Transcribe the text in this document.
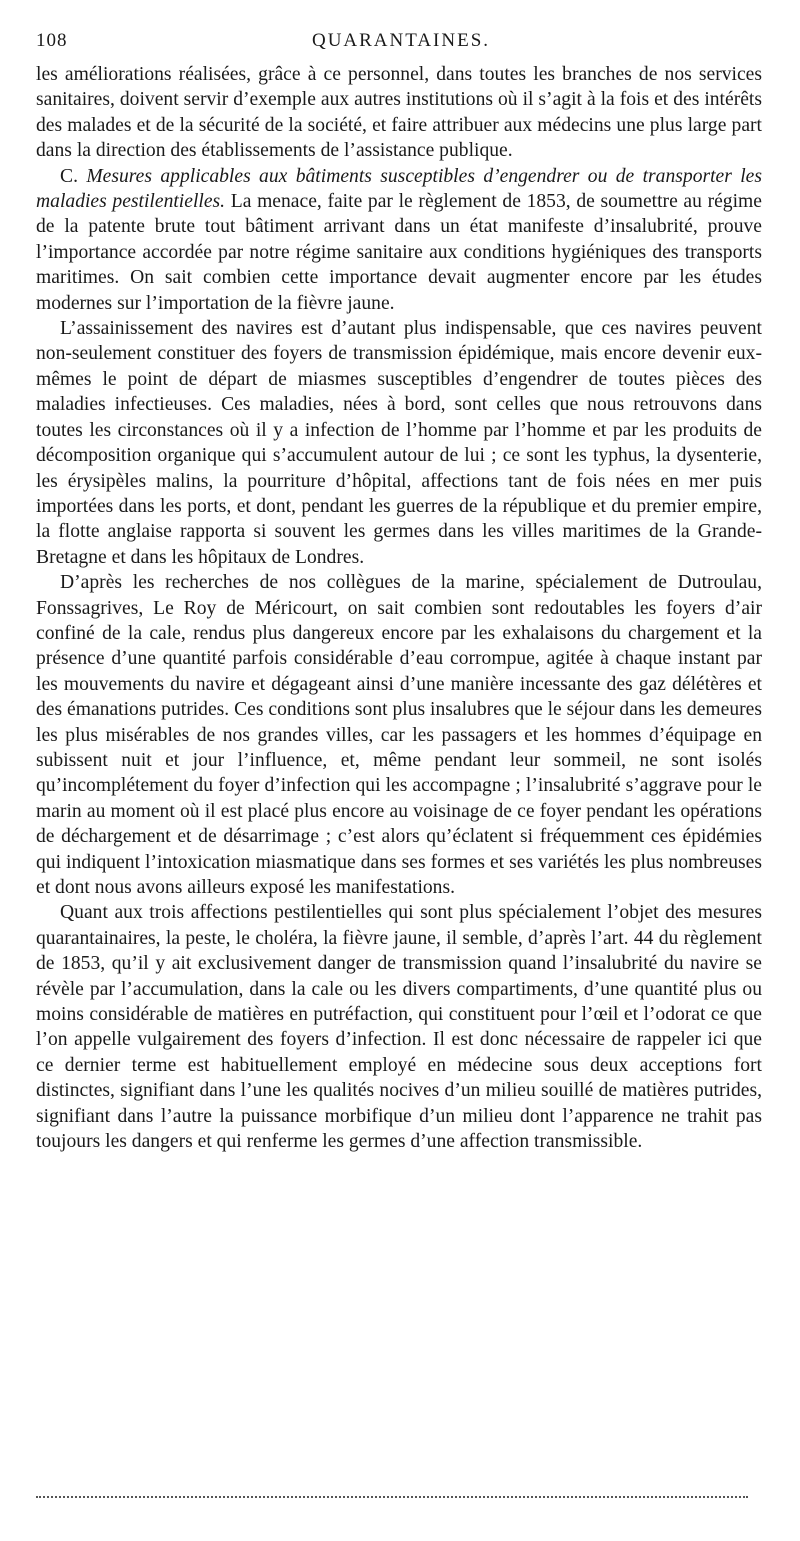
108	QUARANTAINES.

les améliorations réalisées, grâce à ce personnel, dans toutes les branches de nos services sanitaires, doivent servir d’exemple aux autres institutions où il s’agit à la fois et des intérêts des malades et de la sécurité de la société, et faire attribuer aux médecins une plus large part dans la direction des établissements de l’assistance publique.

C. Mesures applicables aux bâtiments susceptibles d’engendrer ou de transporter les maladies pestilentielles. La menace, faite par le règlement de 1853, de soumettre au régime de la patente brute tout bâtiment arrivant dans un état manifeste d’insalubrité, prouve l’importance accordée par notre régime sanitaire aux conditions hygiéniques des transports maritimes. On sait combien cette importance devait augmenter encore par les études modernes sur l’importation de la fièvre jaune.

L’assainissement des navires est d’autant plus indispensable, que ces navires peuvent non-seulement constituer des foyers de transmission épidémique, mais encore devenir eux-mêmes le point de départ de miasmes susceptibles d’engendrer de toutes pièces des maladies infectieuses. Ces maladies, nées à bord, sont celles que nous retrouvons dans toutes les circonstances où il y a infection de l’homme par l’homme et par les produits de décomposition organique qui s’accumulent autour de lui ; ce sont les typhus, la dysenterie, les érysipèles malins, la pourriture d’hôpital, affections tant de fois nées en mer puis importées dans les ports, et dont, pendant les guerres de la république et du premier empire, la flotte anglaise rapporta si souvent les germes dans les villes maritimes de la Grande-Bretagne et dans les hôpitaux de Londres.

D’après les recherches de nos collègues de la marine, spécialement de Dutroulau, Fonssagrives, Le Roy de Méricourt, on sait combien sont redoutables les foyers d’air confiné de la cale, rendus plus dangereux encore par les exhalaisons du chargement et la présence d’une quantité parfois considérable d’eau corrompue, agitée à chaque instant par les mouvements du navire et dégageant ainsi d’une manière incessante des gaz délétères et des émanations putrides. Ces conditions sont plus insalubres que le séjour dans les demeures les plus misérables de nos grandes villes, car les passagers et les hommes d’équipage en subissent nuit et jour l’influence, et, même pendant leur sommeil, ne sont isolés qu’incomplétement du foyer d’infection qui les accompagne ; l’insalubrité s’aggrave pour le marin au moment où il est placé plus encore au voisinage de ce foyer pendant les opérations de déchargement et de désarrimage ; c’est alors qu’éclatent si fréquemment ces épidémies qui indiquent l’intoxication miasmatique dans ses formes et ses variétés les plus nombreuses et dont nous avons ailleurs exposé les manifestations.

Quant aux trois affections pestilentielles qui sont plus spécialement l’objet des mesures quarantainaires, la peste, le choléra, la fièvre jaune, il semble, d’après l’art. 44 du règlement de 1853, qu’il y ait exclusivement danger de transmission quand l’insalubrité du navire se révèle par l’accumulation, dans la cale ou les divers compartiments, d’une quantité plus ou moins considérable de matières en putréfaction, qui constituent pour l’œil et l’odorat ce que l’on appelle vulgairement des foyers d’infection. Il est donc nécessaire de rappeler ici que ce dernier terme est habituellement employé en médecine sous deux acceptions fort distinctes, signifiant dans l’une les qualités nocives d’un milieu souillé de matières putrides, signifiant dans l’autre la puissance morbifique d’un milieu dont l’apparence ne trahit pas toujours les dangers et qui renferme les germes d’une affection transmissible.
